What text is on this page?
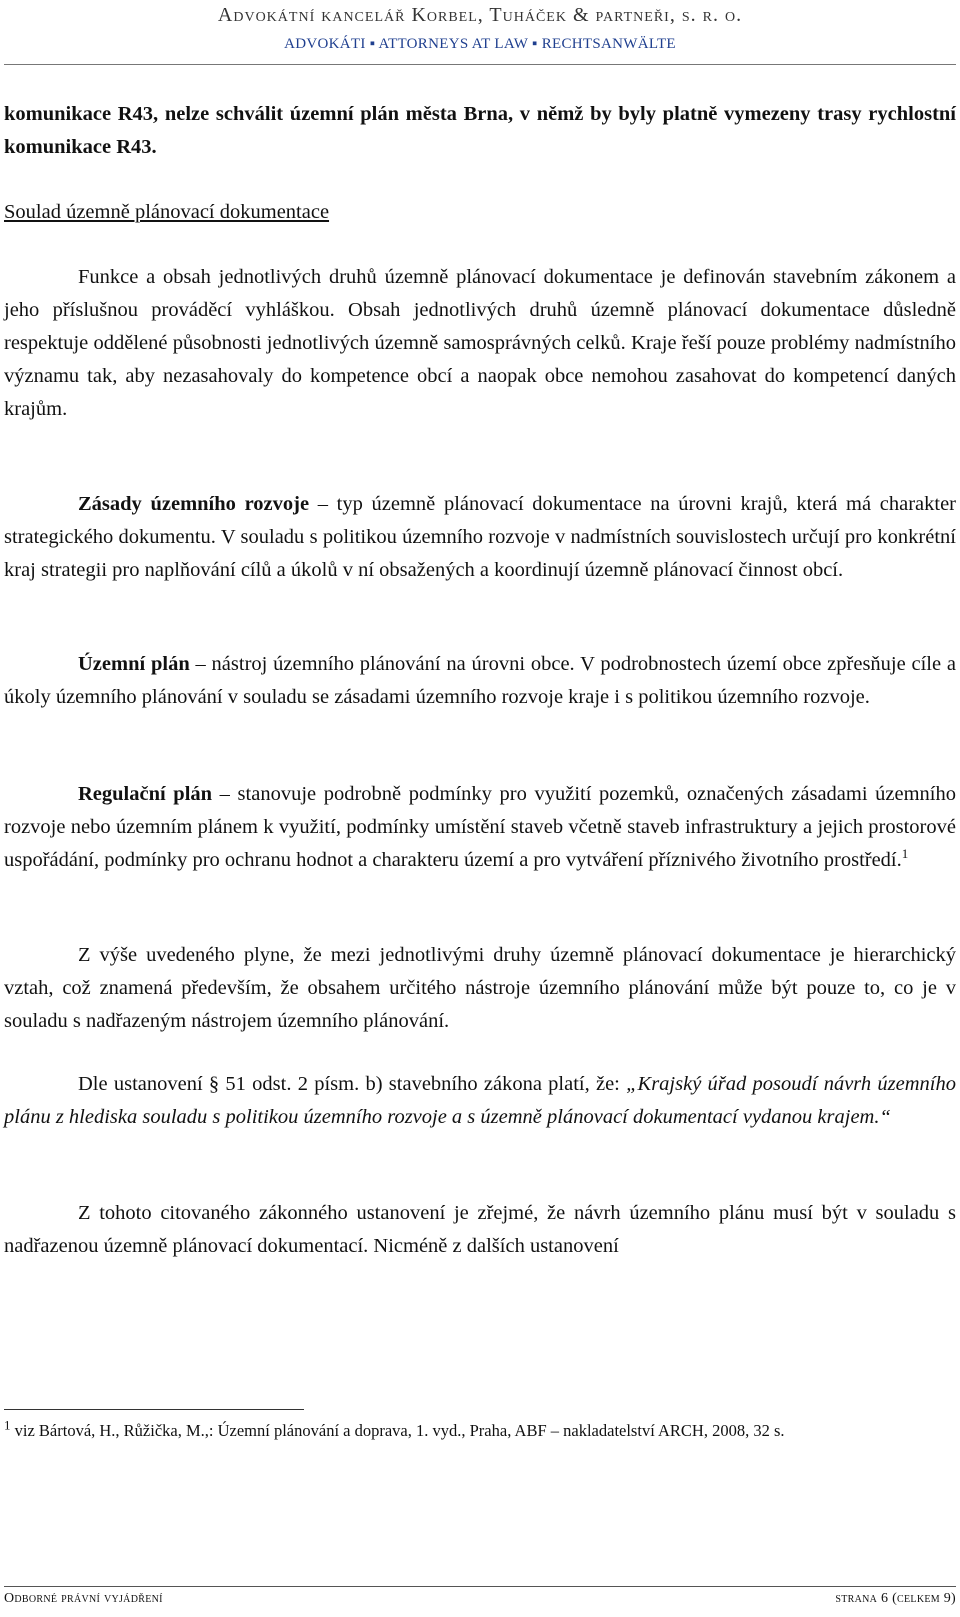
Advokátní kancelář Korbel, Tuháček & partneři, s. r. o.
ADVOKÁTI ▪ ATTORNEYS AT LAW ▪ RECHTSANWÄLTE

komunikace R43, nelze schválit územní plán města Brna, v němž by byly platně vymezeny trasy rychlostní komunikace R43.

Soulad územně plánovací dokumentace

Funkce a obsah jednotlivých druhů územně plánovací dokumentace je definován stavebním zákonem a jeho příslušnou prováděcí vyhláškou. Obsah jednotlivých druhů územně plánovací dokumentace důsledně respektuje oddělené působnosti jednotlivých územně samosprávných celků. Kraje řeší pouze problémy nadmístního významu tak, aby nezasahovaly do kompetence obcí a naopak obce nemohou zasahovat do kompetencí daných krajům.

Zásady územního rozvoje – typ územně plánovací dokumentace na úrovni krajů, která má charakter strategického dokumentu. V souladu s politikou územního rozvoje v nadmístních souvislostech určují pro konkrétní kraj strategii pro naplňování cílů a úkolů v ní obsažených a koordinují územně plánovací činnost obcí.

Územní plán – nástroj územního plánování na úrovni obce. V podrobnostech území obce zpřesňuje cíle a úkoly územního plánování v souladu se zásadami územního rozvoje kraje i s politikou územního rozvoje.

Regulační plán – stanovuje podrobně podmínky pro využití pozemků, označených zásadami územního rozvoje nebo územním plánem k využití, podmínky umístění staveb včetně staveb infrastruktury a jejich prostorové uspořádání, podmínky pro ochranu hodnot a charakteru území a pro vytváření příznivého životního prostředí.$^1$

Z výše uvedeného plyne, že mezi jednotlivými druhy územně plánovací dokumentace je hierarchický vztah, což znamená především, že obsahem určitého nástroje územního plánování může být pouze to, co je v souladu s nadřazeným nástrojem územního plánování.

Dle ustanovení § 51 odst. 2 písm. b) stavebního zákona platí, že: „Krajský úřad posoudí návrh územního plánu z hlediska souladu s politikou územního rozvoje a s územně plánovací dokumentací vydanou krajem.“

Z tohoto citovaného zákonného ustanovení je zřejmé, že návrh územního plánu musí být v souladu s nadřazenou územně plánovací dokumentací. Nicméně z dalších ustanovení

$^1$ viz Bártová, H., Růžička, M.,: Územní plánování a doprava, 1. vyd., Praha, ABF – nakladatelství ARCH, 2008, 32 s.
Odborné právní vyjádření	strana 6 (celkem 9)
